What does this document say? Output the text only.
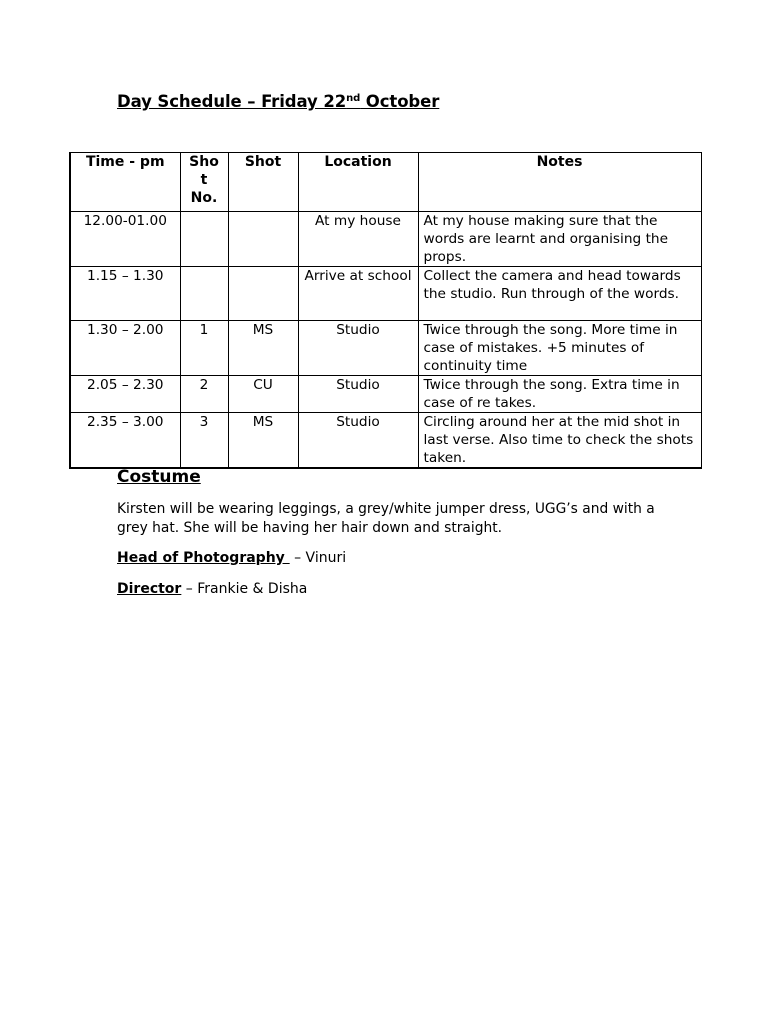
Day Schedule – Friday 22nd October
Time - pm	Shot No.	Shot	Location	Notes
12.00-01.00			At my house	At my house making sure that the words are learnt and organising the props.
1.15 – 1.30			Arrive at school	Collect the camera and head towards the studio. Run through of the words.
1.30 – 2.00	1	MS	Studio	Twice through the song. More time in case of mistakes. +5 minutes of continuity time
2.05 – 2.30	2	CU	Studio	Twice through the song. Extra time in case of re takes.
2.35 – 3.00	3	MS	Studio	Circling around her at the mid shot in last verse. Also time to check the shots taken.
Costume
Kirsten will be wearing leggings, a grey/white jumper dress, UGG’s and with a grey hat. She will be having her hair down and straight.
Head of Photography  – Vinuri
Director – Frankie & Disha
